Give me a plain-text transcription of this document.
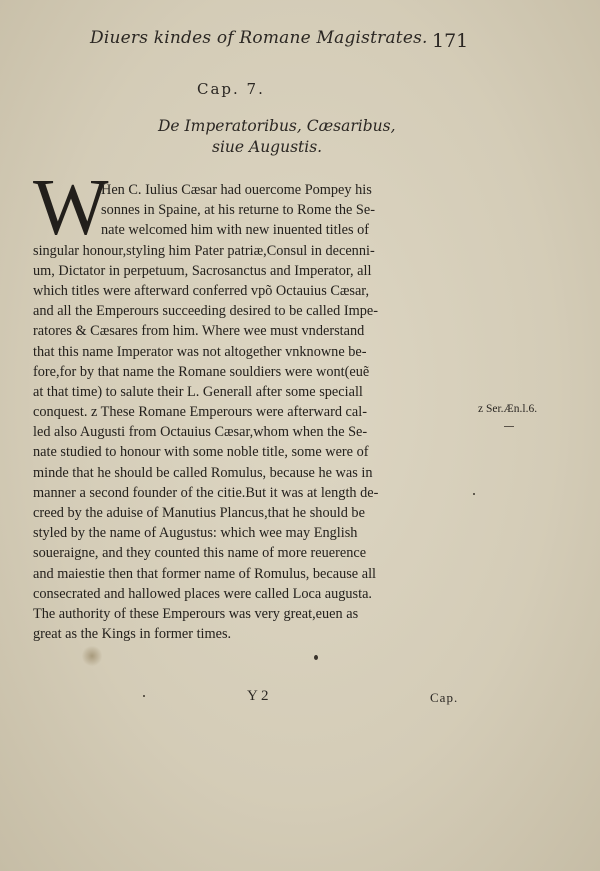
Diuers kindes of Romane Magistrates. 171
Cap. 7.
De Imperatoribus, Cæsaribus,
siue Augustis.
W
Hen C. Iulius Cæsar had ouercome Pompey his
sonnes in Spaine, at his returne to Rome the Se-
nate welcomed him with new inuented titles of
singular honour,styling him Pater patriæ,Consul in decenni-
um, Dictator in perpetuum, Sacrosanctus and Imperator, all
which titles were afterward conferred vpõ Octauius Cæsar,
and all the Emperours succeeding desired to be called Impe-
ratores & Cæsares from him. Where wee must vnderstand
that this name Imperator was not altogether vnknowne be-
fore,for by that name the Romane souldiers were wont(euẽ
at that time) to salute their L. Generall after some speciall
conquest. z These Romane Emperours were afterward cal-
led also Augusti from Octauius Cæsar,whom when the Se-
nate studied to honour with some noble title, some were of
minde that he should be called Romulus, because he was in
manner a second founder of the citie.But it was at length de-
creed by the aduise of Manutius Plancus,that he should be
styled by the name of Augustus: which wee may English
soueraigne, and they counted this name of more reuerence
and maiestie then that former name of Romulus, because all
consecrated and hallowed places were called Loca augusta.
The authority of these Emperours was very great,euen as
great as the Kings in former times.
z Ser.Æn.l.6.
Y 2	Cap.
